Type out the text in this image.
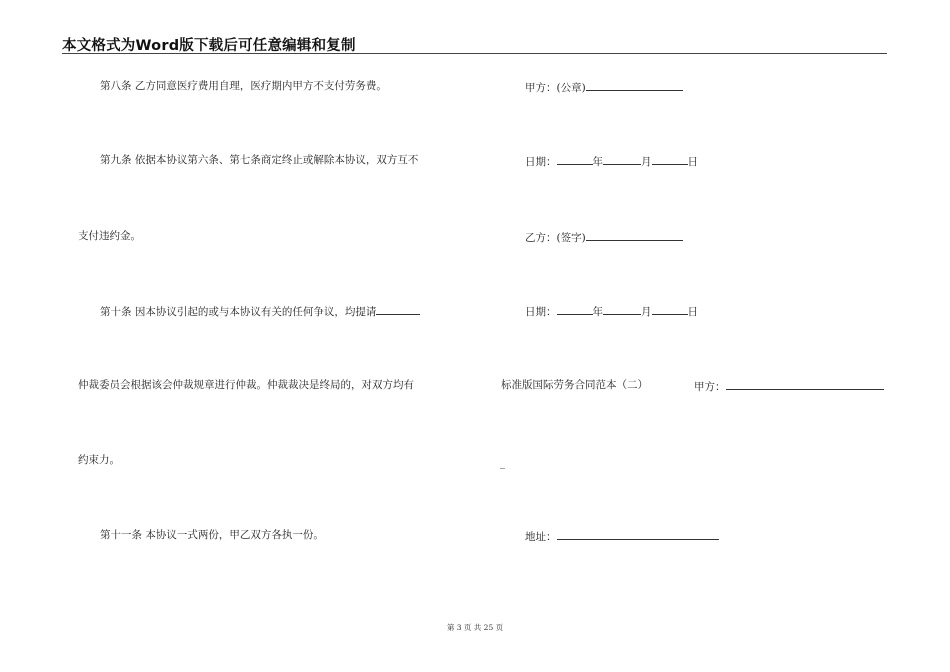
本文格式为Word版下载后可任意编辑和复制
第八条 乙方同意医疗费用自理，医疗期内甲方不支付劳务费。
第九条 依据本协议第六条、第七条商定终止或解除本协议，双方互不
支付违约金。
第十条 因本协议引起的或与本协议有关的任何争议，均提请
仲裁委员会根据该会仲裁规章进行仲裁。仲裁裁决是终局的，对双方均有
约束力。
第十一条 本协议一式两份，甲乙双方各执一份。
甲方：(公章)
日期：	年	月	日
乙方：(签字)
日期：	年	月	日
标准版国际劳务合同范本（二）	甲方：
_
地址：
第 3 页 共 25 页
